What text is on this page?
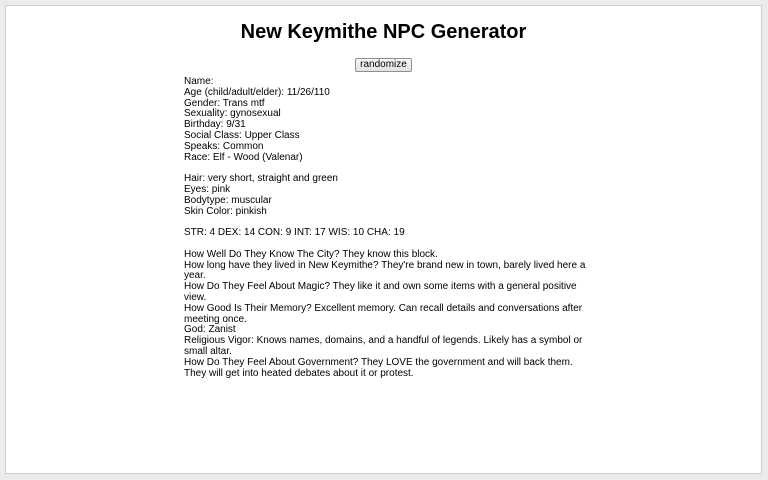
New Keymithe NPC Generator
randomize
Name:
Age (child/adult/elder): 11/26/110
Gender: Trans mtf
Sexuality: gynosexual
Birthday: 9/31
Social Class: Upper Class
Speaks: Common
Race: Elf - Wood (Valenar)
Hair: very short, straight and green
Eyes: pink
Bodytype: muscular
Skin Color: pinkish
STR: 4 DEX: 14 CON: 9 INT: 17 WIS: 10 CHA: 19
How Well Do They Know The City? They know this block.
How long have they lived in New Keymithe? They're brand new in town, barely lived here a year.
How Do They Feel About Magic? They like it and own some items with a general positive view.
How Good Is Their Memory? Excellent memory. Can recall details and conversations after meeting once.
God: Zanist
Religious Vigor: Knows names, domains, and a handful of legends. Likely has a symbol or small altar.
How Do They Feel About Government? They LOVE the government and will back them. They will get into heated debates about it or protest.
